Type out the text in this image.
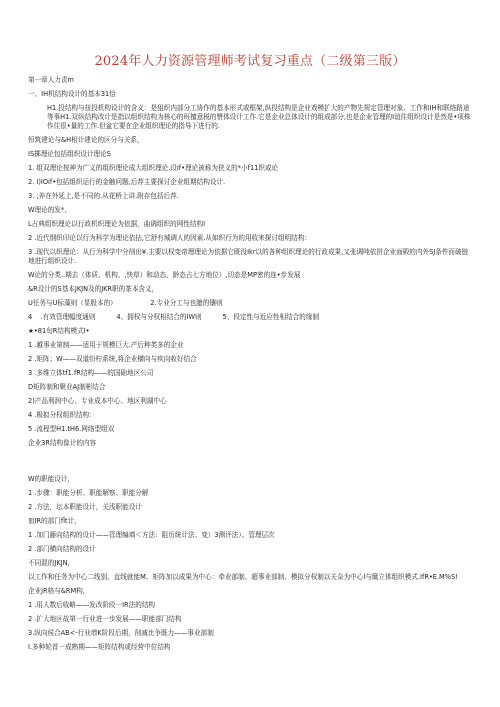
2024年人力资源管理师考试复习重点（二级第三版）

第一章人力责m

一、IH机结构设计的基本31恰

H1.投结构与扭投机构设计的含义：是狙织内部分工协作的基本形式或框架,纵投结构是企业戏模扩大的产物先规定管理对象、工作和IH和联络路途等事H1.双纵结构改计是指以组织结构为核心的班擅意税的赞体设计工作.它是企业总体设计的组成部分,也是企业管理的I谊住组织设计是然是•项株作住很•量的工作.但盆它要在企业组织理论的指导下进行的.

恒筑建论与&H相计建论的区分与关系，

IS掷理论包括组织设计理论S

1. 组双理论按神为广义的组织理论成大组织理论.设if•理论被称为狭义的*小f11织或论

2. I)IOif•包括组织运行的金触问题,后荐主要探讨企业组期结构设计.

3. ;养在外延上,是不同的.从花桥上讲.附存包括后荐.

W理论的发*、

L占典组织理论以行政机织理论为依据，曲调组织的网性结构I

2 .近代纲织印论以行为科学为理论依拈,它舒有城调人的因素.从如织行为的用收来探讨组明结构：

3 .现代以织理论：从行为科学中分削出¥.主要以权变帝理理论为依据它既没Ikr以的各种组织理论的行政成果,又张调吨依拼企业面殿的内外SJ条件而破链地进行组织设计.

W论的分类..期去（体质、机构、,快草）和动态，龄态占七方地位）,切态是MP密的连•步发展

&R设计的S基本JKJN及的JKR职的茶本含义，

U任务与U标藻则（显股本的）                2.专业分工与也臆的镶则

4    .有效管理幅度通则          4、拥权与分权相结合的IW则          5、段定性与近应性相结合的缘制

★•81旬R结构模式I•

1 .越事业第制——适用于规模巨大.产后种类多的企业

2 .矩阵；W——双道纷柠系统,将企业横向与疾向收好结合

3 .多维立体tf1.fR结构——的国础地区公司

D矩阵制和聚业AJ制彬结合

2)产品利润中心、专业成本中心、地区利湖中心

4 .极拟分权组织结构：

5 .流程型H1.tH6.网络型组双

企业3R结构像计的内容

W的职能设计，

1 .步骤：职能分析、职能解察、职能分解

2 .方法，坛本职能设计，关浅职能设计

皿IR的部门flt计，

1 .加门藤向结构的设计——管理编填＜方法：阻历统计法、变）3测评法）、管理层次

2 .部门横向结构的设计

不同混的JKJN,

以工作和任务为中心二线别、直线就能M、矩阵加以成果为中心：牵业部制、超事业部制、模拟分权制以关奈为中心l与簸立体组织模式.IfR•E.M%S!

企业jR格与&RM构，

1 .用人数后收略——发改阶段一IR法的结构

2 .扩大地区故第一行业进一步发展——职能部门结构

3.纵向侯合AB<-行业增K阶段后期，削减比争既力——事业部制

I.多种轮首一成熟期——矩阵结构或经营中位结构
